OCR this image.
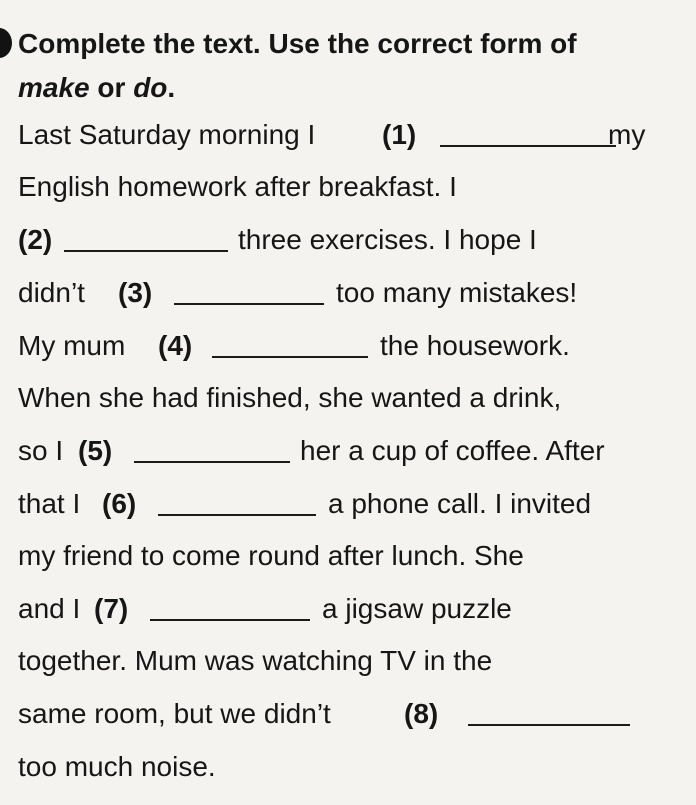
Complete the text. Use the correct form of
make or do.
Last Saturday morning I (1)	my
English homework after breakfast. I
(2)	three exercises. I hope I
didn’t (3)	too many mistakes!
My mum (4)	the housework.
When she had finished, she wanted a drink,
so I (5)	her a cup of coffee. After
that I (6)	a phone call. I invited
my friend to come round after lunch. She
and I (7)	a jigsaw puzzle
together. Mum was watching TV in the
same room, but we didn’t	(8)
too much noise.
